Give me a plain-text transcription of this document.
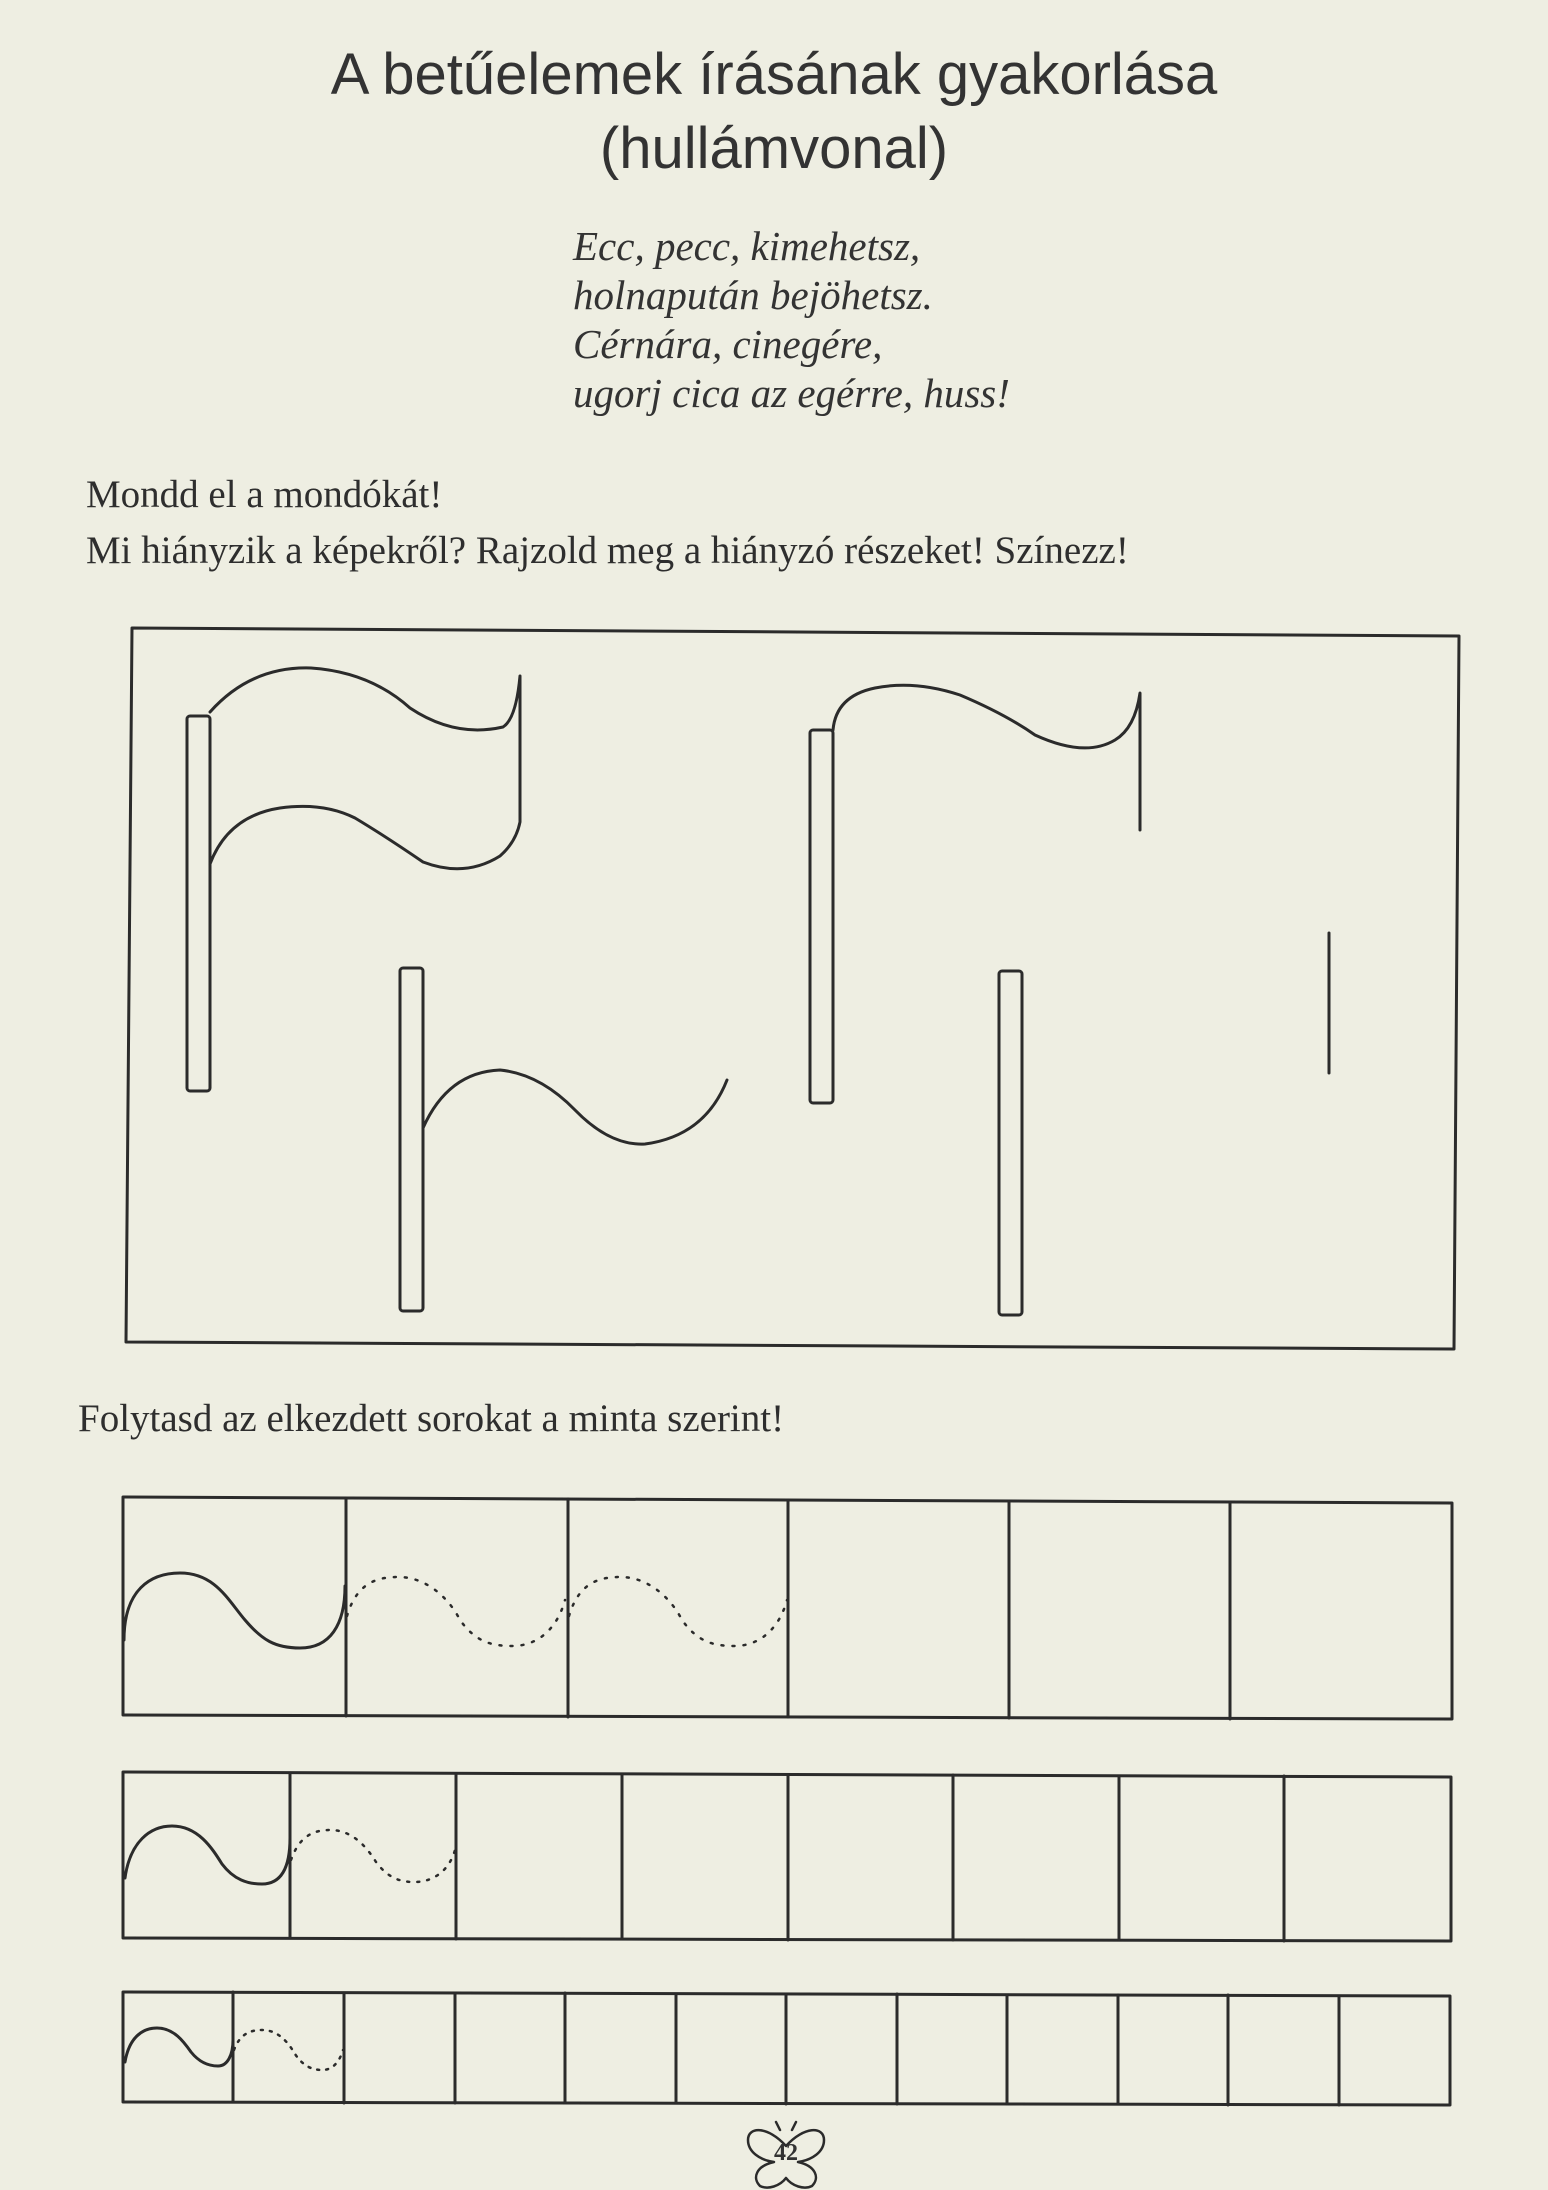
A betűelemek írásának gyakorlása
(hullámvonal)
Ecc, pecc, kimehetsz,
holnapután bejöhetsz.
Cérnára, cinegére,
ugorj cica az egérre, huss!
Mondd el a mondókát!
Mi hiányzik a képekről? Rajzold meg a hiányzó részeket! Színezz!
Folytasd az elkezdett sorokat a minta szerint!
42
